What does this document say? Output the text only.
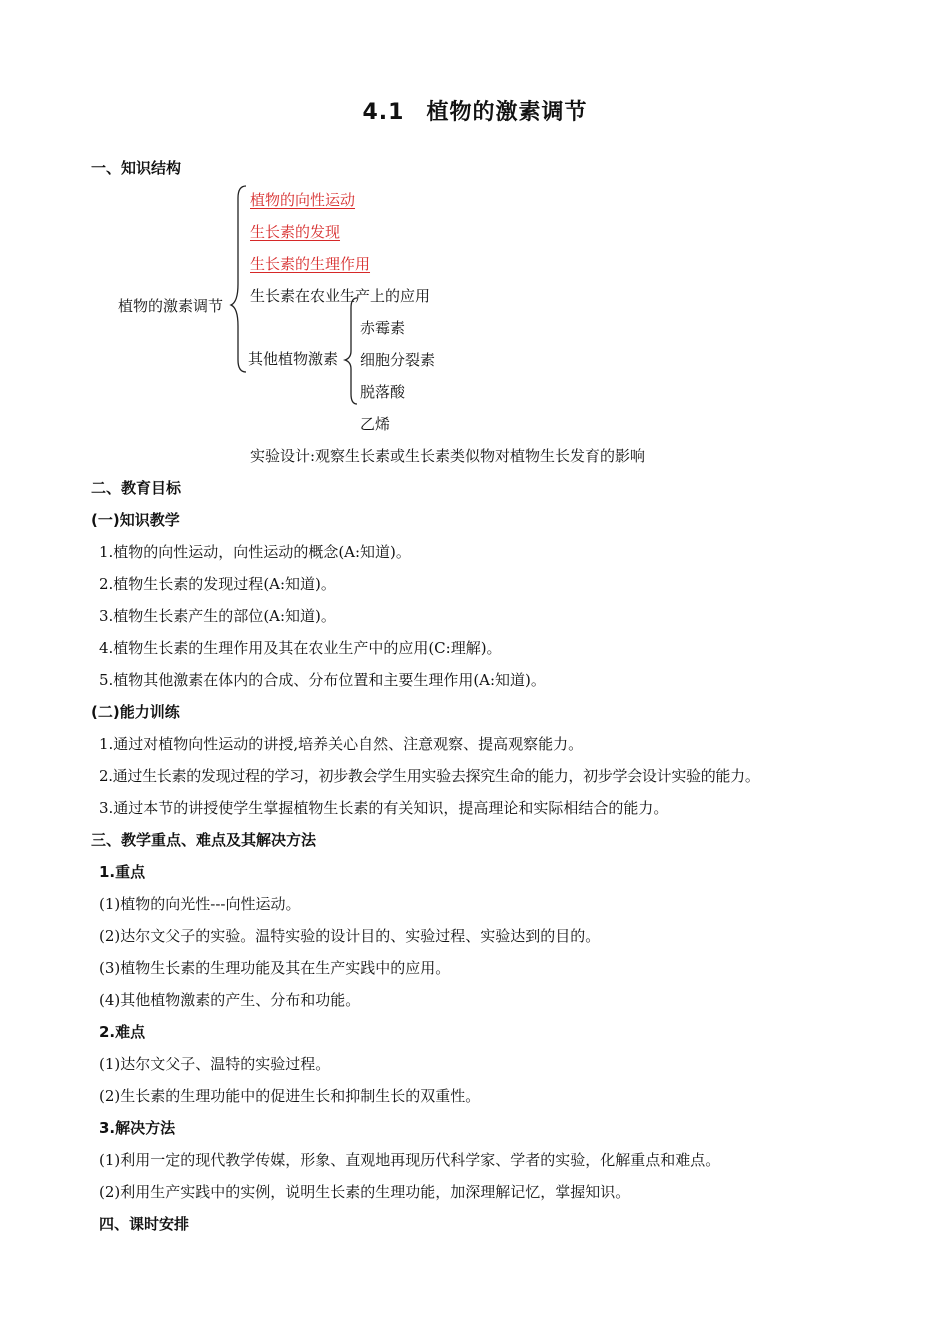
4.1 植物的激素调节
一、知识结构
植物的激素调节
植物的向性运动
生长素的发现
生长素的生理作用
生长素在农业生产上的应用
其他植物激素
赤霉素
细胞分裂素
脱落酸
乙烯
实验设计:观察生长素或生长素类似物对植物生长发育的影响
二、教育目标
(一)知识教学
1.植物的向性运动，向性运动的概念(A:知道)。
2.植物生长素的发现过程(A:知道)。
3.植物生长素产生的部位(A:知道)。
4.植物生长素的生理作用及其在农业生产中的应用(C:理解)。
5.植物其他激素在体内的合成、分布位置和主要生理作用(A:知道)。
(二)能力训练
1.通过对植物向性运动的讲授,培养关心自然、注意观察、提高观察能力。
2.通过生长素的发现过程的学习，初步教会学生用实验去探究生命的能力，初步学会设计实验的能力。
3.通过本节的讲授使学生掌握植物生长素的有关知识，提高理论和实际相结合的能力。
三、教学重点、难点及其解决方法
1.重点
(1)植物的向光性---向性运动。
(2)达尔文父子的实验。温特实验的设计目的、实验过程、实验达到的目的。
(3)植物生长素的生理功能及其在生产实践中的应用。
(4)其他植物激素的产生、分布和功能。
2.难点
(1)达尔文父子、温特的实验过程。
(2)生长素的生理功能中的促进生长和抑制生长的双重性。
3.解决方法
(1)利用一定的现代教学传媒，形象、直观地再现历代科学家、学者的实验，化解重点和难点。
(2)利用生产实践中的实例，说明生长素的生理功能，加深理解记忆，掌握知识。
四、课时安排
